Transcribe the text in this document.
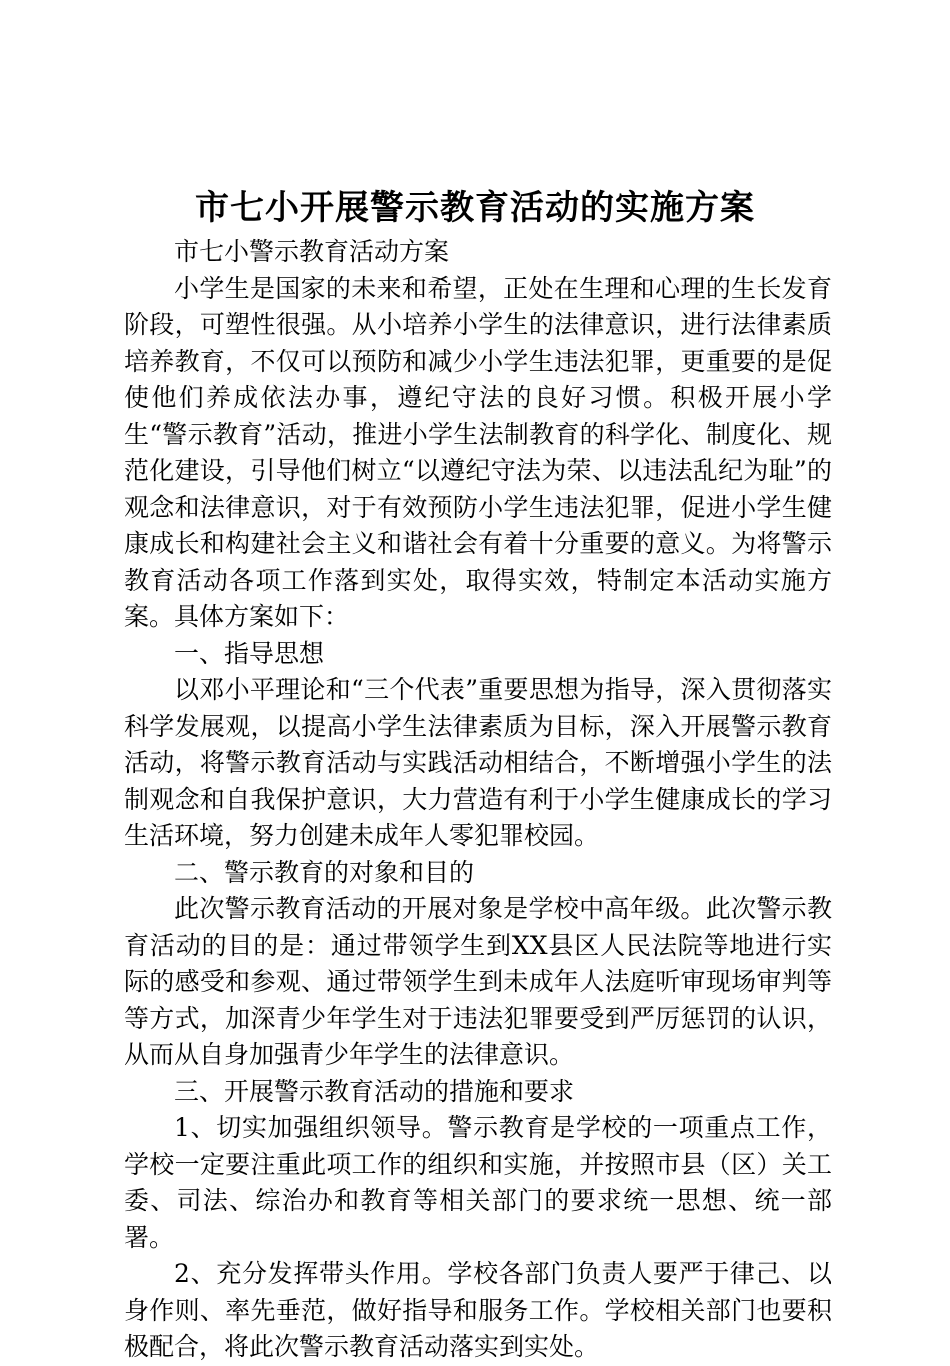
市七小开展警示教育活动的实施方案

市七小警示教育活动方案

小学生是国家的未来和希望，正处在生理和心理的生长发育阶段，可塑性很强。从小培养小学生的法律意识，进行法律素质培养教育，不仅可以预防和减少小学生违法犯罪，更重要的是促使他们养成依法办事，遵纪守法的良好习惯。积极开展小学生“警示教育”活动，推进小学生法制教育的科学化、制度化、规范化建设，引导他们树立“以遵纪守法为荣、以违法乱纪为耻”的观念和法律意识，对于有效预防小学生违法犯罪，促进小学生健康成长和构建社会主义和谐社会有着十分重要的意义。为将警示教育活动各项工作落到实处，取得实效，特制定本活动实施方案。具体方案如下：

一、指导思想

以邓小平理论和“三个代表”重要思想为指导，深入贯彻落实科学发展观，以提高小学生法律素质为目标，深入开展警示教育活动，将警示教育活动与实践活动相结合，不断增强小学生的法制观念和自我保护意识，大力营造有利于小学生健康成长的学习生活环境，努力创建未成年人零犯罪校园。

二、警示教育的对象和目的

此次警示教育活动的开展对象是学校中高年级。此次警示教育活动的目的是：通过带领学生到XX县区人民法院等地进行实际的感受和参观、通过带领学生到未成年人法庭听审现场审判等等方式，加深青少年学生对于违法犯罪要受到严厉惩罚的认识，从而从自身加强青少年学生的法律意识。

三、开展警示教育活动的措施和要求

1、切实加强组织领导。警示教育是学校的一项重点工作，学校一定要注重此项工作的组织和实施，并按照市县（区）关工委、司法、综治办和教育等相关部门的要求统一思想、统一部署。

2、充分发挥带头作用。学校各部门负责人要严于律己、以身作则、率先垂范，做好指导和服务工作。学校相关部门也要积极配合，将此次警示教育活动落实到实处。
